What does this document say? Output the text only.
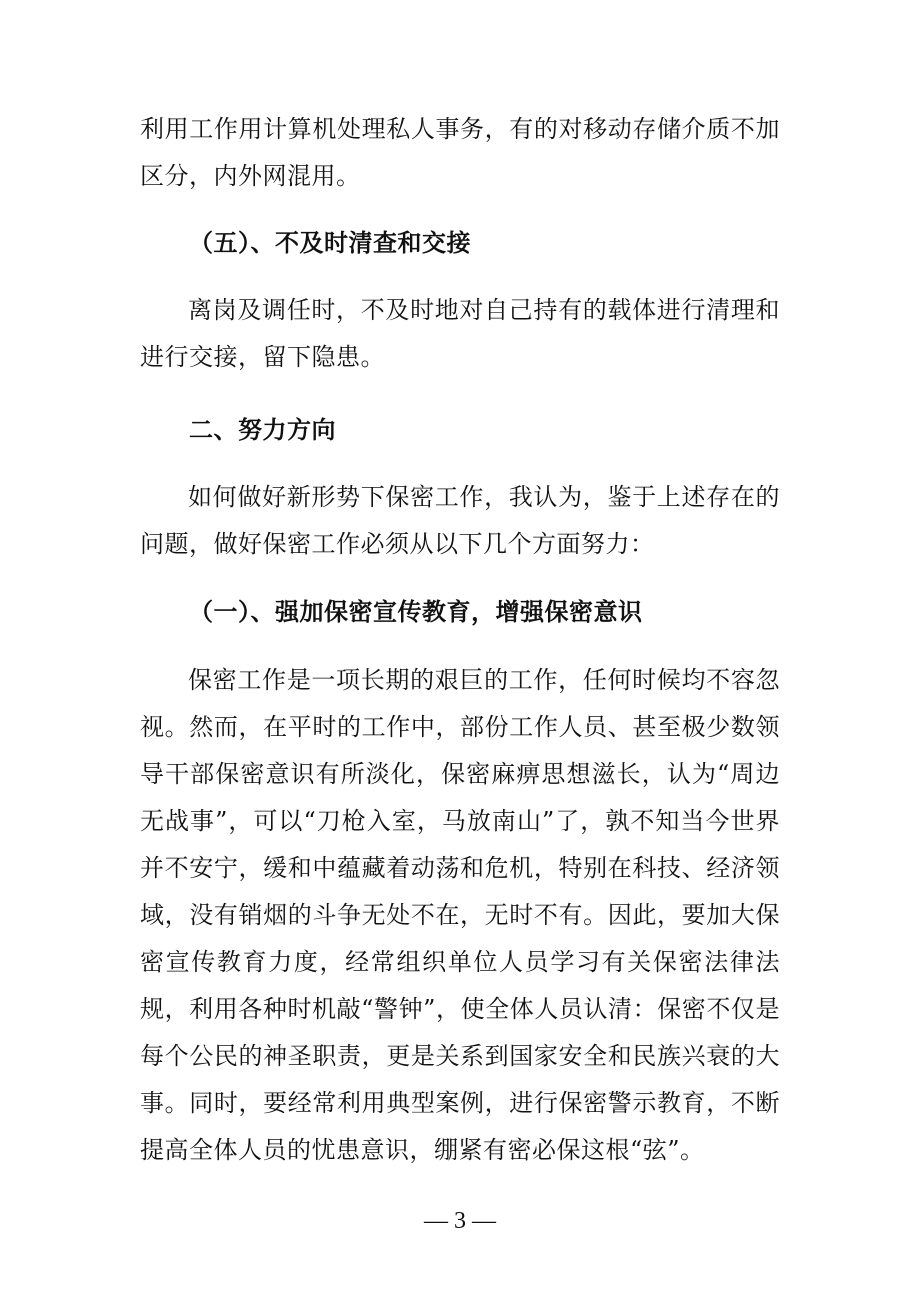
利用工作用计算机处理私人事务，有的对移动存储介质不加区分，内外网混用。

（五）、不及时清查和交接

离岗及调任时，不及时地对自己持有的载体进行清理和进行交接，留下隐患。

二、努力方向

如何做好新形势下保密工作，我认为，鉴于上述存在的问题，做好保密工作必须从以下几个方面努力：

（一）、强加保密宣传教育，增强保密意识

保密工作是一项长期的艰巨的工作，任何时候均不容忽视。然而，在平时的工作中，部份工作人员、甚至极少数领导干部保密意识有所淡化，保密麻痹思想滋长，认为“周边无战事”，可以“刀枪入室，马放南山”了，孰不知当今世界并不安宁，缓和中蕴藏着动荡和危机，特别在科技、经济领域，没有销烟的斗争无处不在，无时不有。因此，要加大保密宣传教育力度，经常组织单位人员学习有关保密法律法规，利用各种时机敲“警钟”，使全体人员认清：保密不仅是每个公民的神圣职责，更是关系到国家安全和民族兴衰的大事。同时，要经常利用典型案例，进行保密警示教育，不断提高全体人员的忧患意识，绷紧有密必保这根“弦”。

— 3 —
